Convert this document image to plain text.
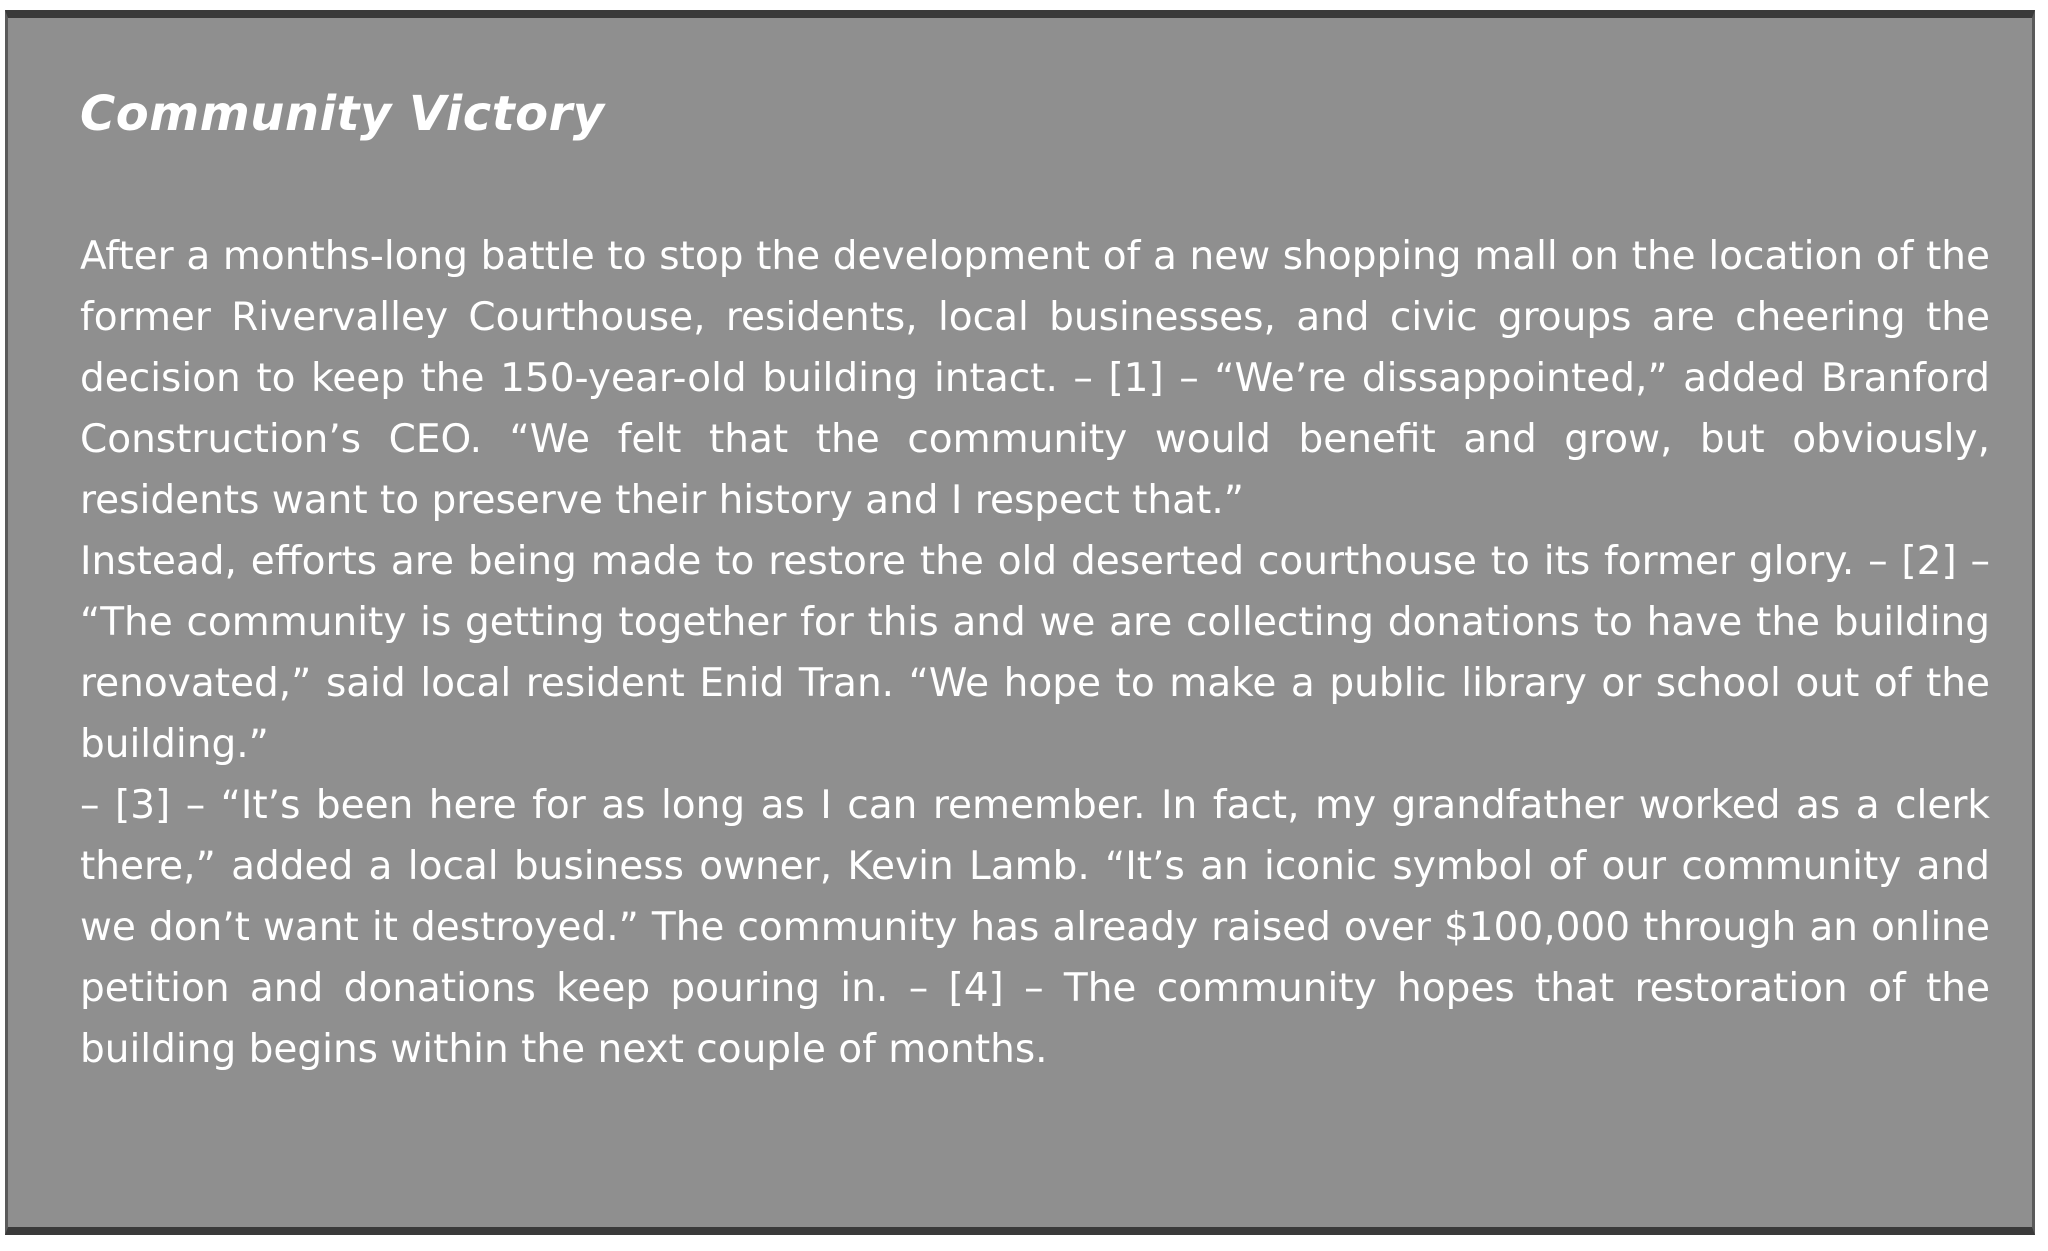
Community Victory

After a months-long battle to stop the development of a new shopping mall on the location of the former Rivervalley Courthouse, residents, local businesses, and civic groups are cheering the decision to keep the 150-year-old building intact. – [1] – “We’re dissappointed,” added Branford Construction’s CEO. “We felt that the community would benefit and grow, but obviously, residents want to preserve their history and I respect that.”

Instead, efforts are being made to restore the old deserted courthouse to its former glory. – [2] – “The community is getting together for this and we are collecting donations to have the building renovated,” said local resident Enid Tran. “We hope to make a public library or school out of the building.”

– [3] – “It’s been here for as long as I can remember. In fact, my grandfather worked as a clerk there,” added a local business owner, Kevin Lamb. “It’s an iconic symbol of our community and we don’t want it destroyed.” The community has already raised over $100,000 through an online petition and donations keep pouring in. – [4] – The community hopes that restoration of the building begins within the next couple of months.
